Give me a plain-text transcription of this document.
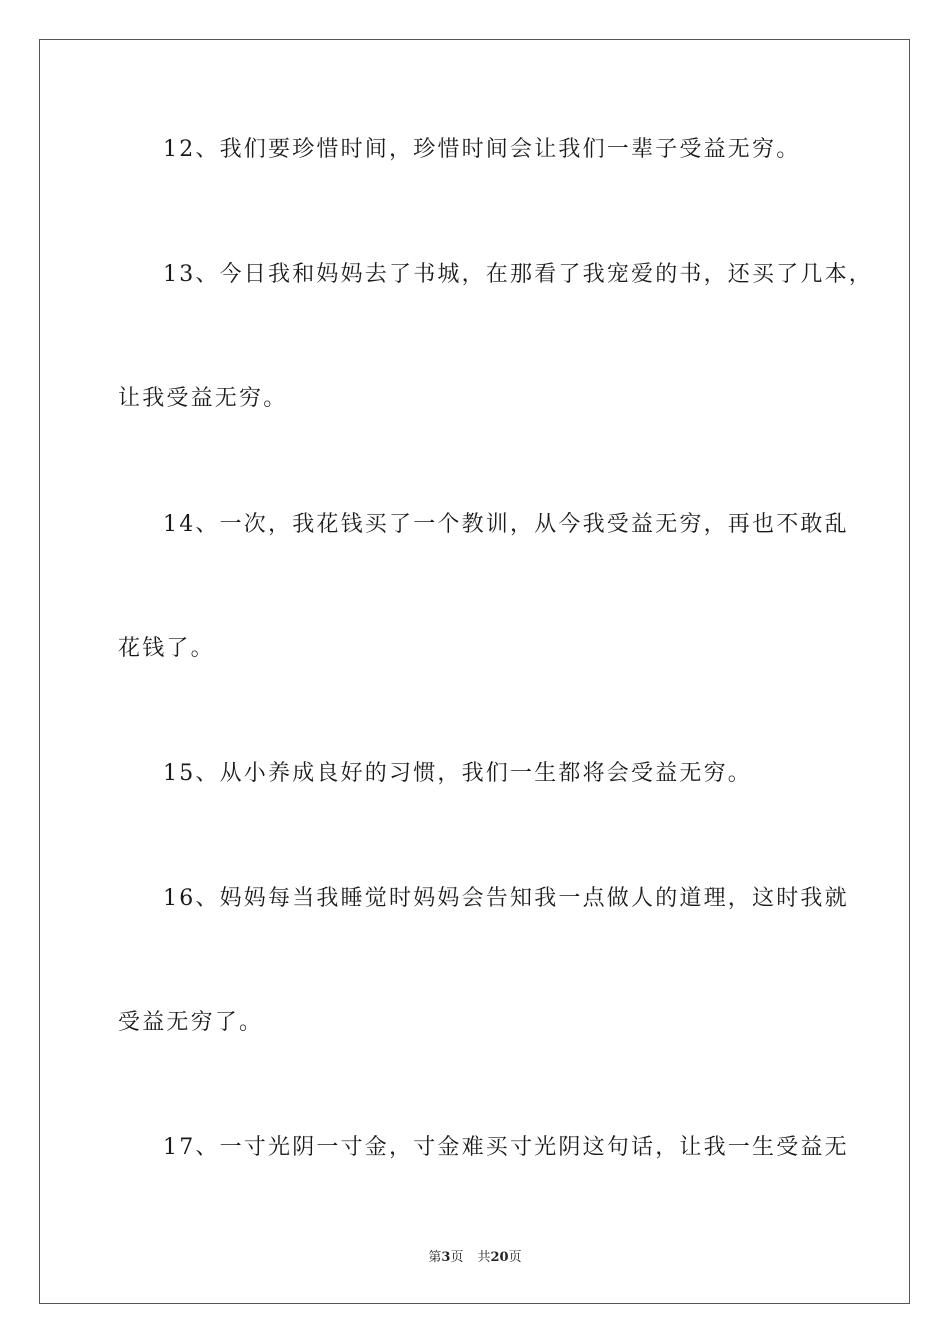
12、我们要珍惜时间，珍惜时间会让我们一辈子受益无穷。
13、今日我和妈妈去了书城，在那看了我宠爱的书，还买了几本，
让我受益无穷。
14、一次，我花钱买了一个教训，从今我受益无穷，再也不敢乱
花钱了。
15、从小养成良好的习惯，我们一生都将会受益无穷。
16、妈妈每当我睡觉时妈妈会告知我一点做人的道理，这时我就
受益无穷了。
17、一寸光阴一寸金，寸金难买寸光阴这句话，让我一生受益无
第3页 共20页
